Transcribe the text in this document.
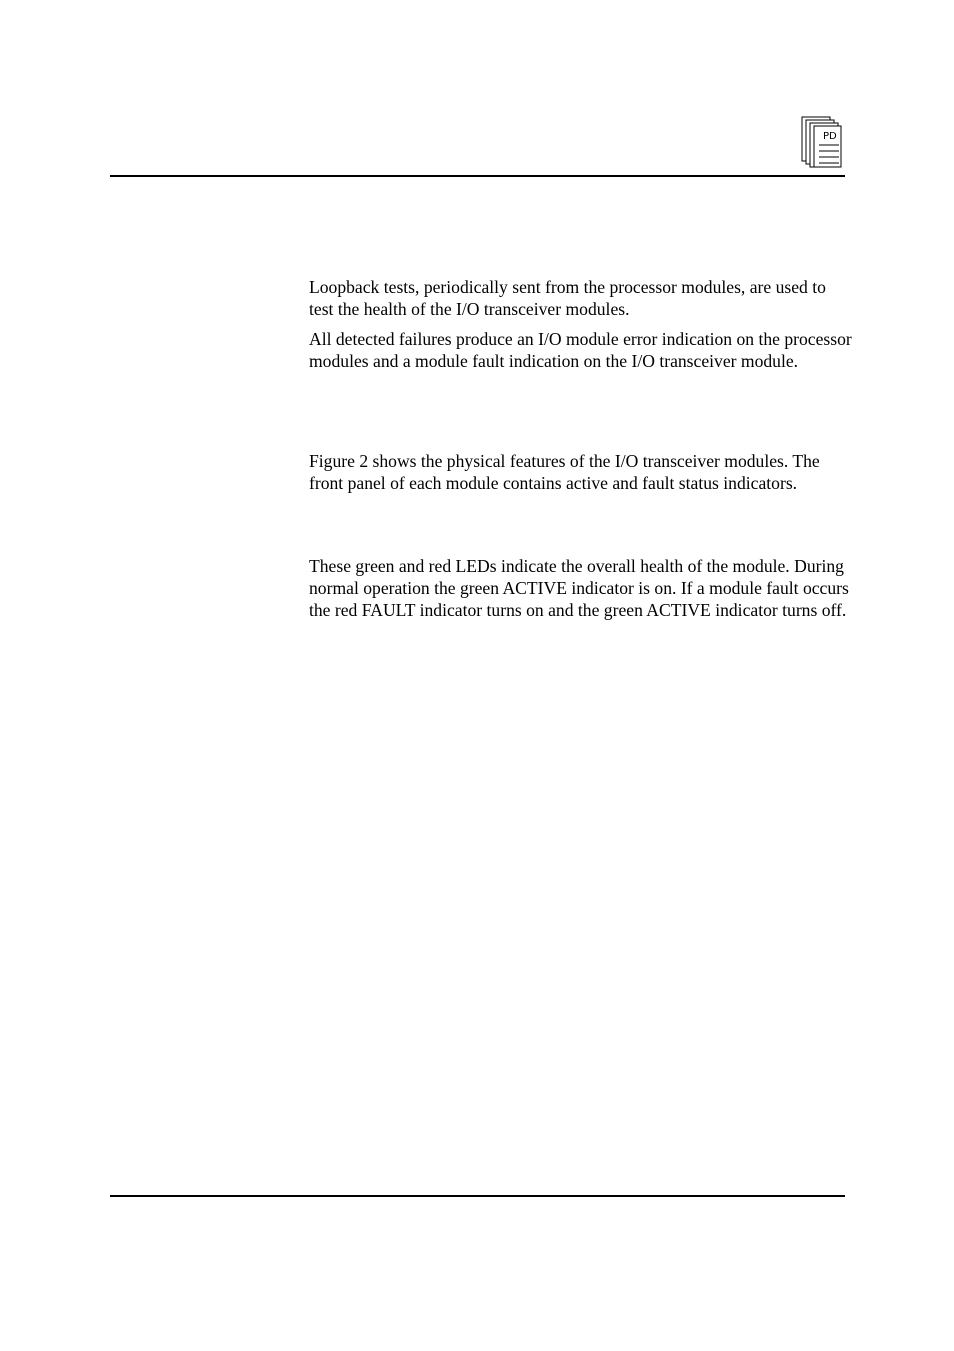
PD

Loopback tests, periodically sent from the processor modules, are used to test the health of the I/O transceiver modules.

All detected failures produce an I/O module error indication on the processor modules and a module fault indication on the I/O transceiver module.

Figure 2 shows the physical features of the I/O transceiver modules. The front panel of each module contains active and fault status indicators.

These green and red LEDs indicate the overall health of the module. During normal operation the green ACTIVE indicator is on. If a module fault occurs the red FAULT indicator turns on and the green ACTIVE indicator turns off.
